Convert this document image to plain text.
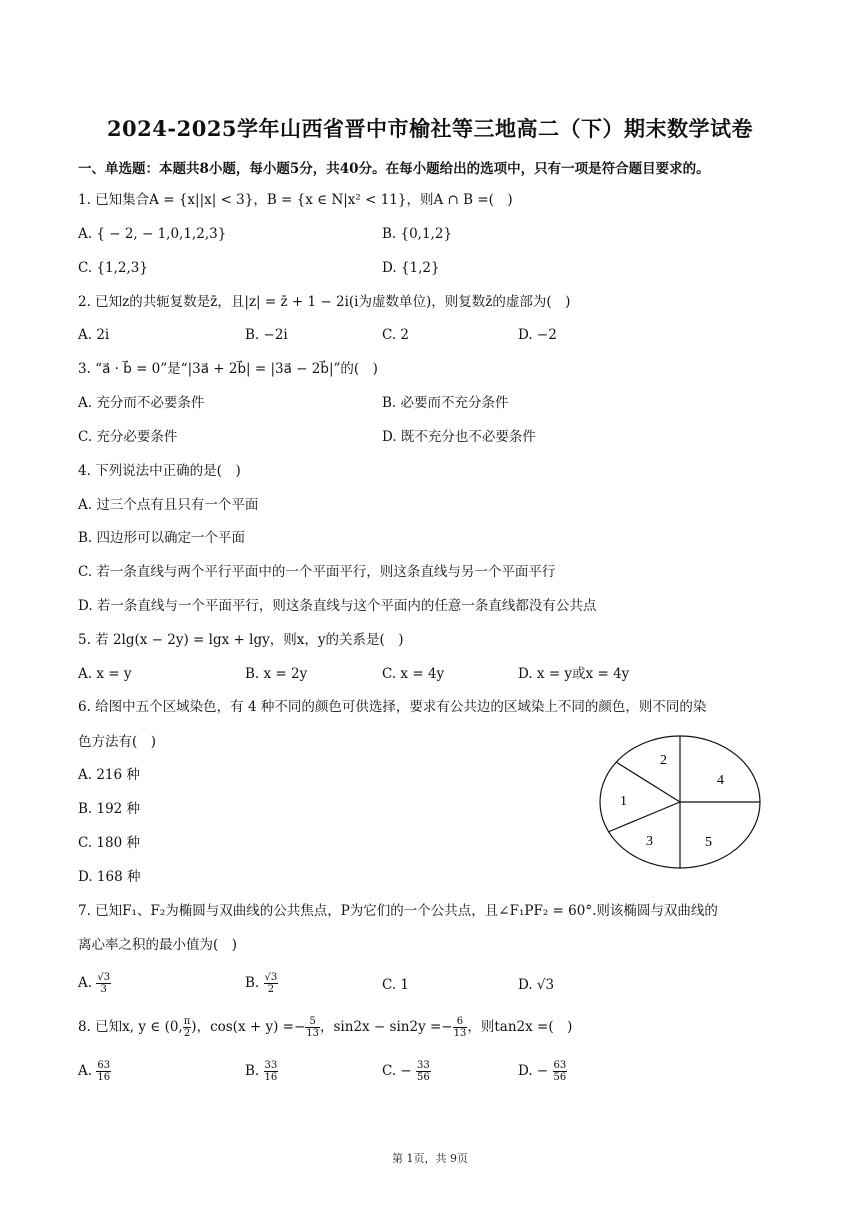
2024-2025学年山西省晋中市榆社等三地高二（下）期末数学试卷
一、单选题：本题共8小题，每小题5分，共40分。在每小题给出的选项中，只有一项是符合题目要求的。
1. 已知集合A = {x||x| < 3}，B = {x ∈ N|x² < 11}，则A ∩ B =(　)
A. { − 2, − 1,0,1,2,3}	B. {0,1,2}
C. {1,2,3}	D. {1,2}
2. 已知z的共轭复数是z̄，且|z| = z̄ + 1 − 2i(i为虚数单位)，则复数z̄的虚部为(　)
A. 2i	B. −2i	C. 2	D. −2
3. “a⃗ · b⃗ = 0”是“|3a⃗ + 2b⃗| = |3a⃗ − 2b⃗|”的(　)
A. 充分而不必要条件	B. 必要而不充分条件
C. 充分必要条件	D. 既不充分也不必要条件
4. 下列说法中正确的是(　)
A. 过三个点有且只有一个平面
B. 四边形可以确定一个平面
C. 若一条直线与两个平行平面中的一个平面平行，则这条直线与另一个平面平行
D. 若一条直线与一个平面平行，则这条直线与这个平面内的任意一条直线都没有公共点
5. 若 2lg(x − 2y) = lgx + lgy，则x，y的关系是(　)
A. x = y	B. x = 2y	C. x = 4y	D. x = y或x = 4y
6. 给图中五个区域染色，有 4 种不同的颜色可供选择，要求有公共边的区域染上不同的颜色，则不同的染
色方法有(　)
A. 216 种
B. 192 种
C. 180 种
D. 168 种
2
4
1
3	5
7. 已知F₁、F₂为椭圆与双曲线的公共焦点，P为它们的一个公共点，且∠F₁PF₂ = 60°.则该椭圆与双曲线的
离心率之积的最小值为(　)
A. $\frac{√3}{3}$	B. $\frac{√3}{2}$	C. 1	D. √3
8. 已知x, y ∈ (0, $\frac{\pi}{2}$ )，$\cos(x + y) =- \frac{5}{13}$ ，$\sin 2x - \sin 2y =- \frac{6}{13}$ ，则tan2x =(　)
A. $\frac{63}{16}$	B. $\frac{33}{16}$	C. − $\frac{33}{56}$	D. − $\frac{63}{56}$
第 1页，共 9页
